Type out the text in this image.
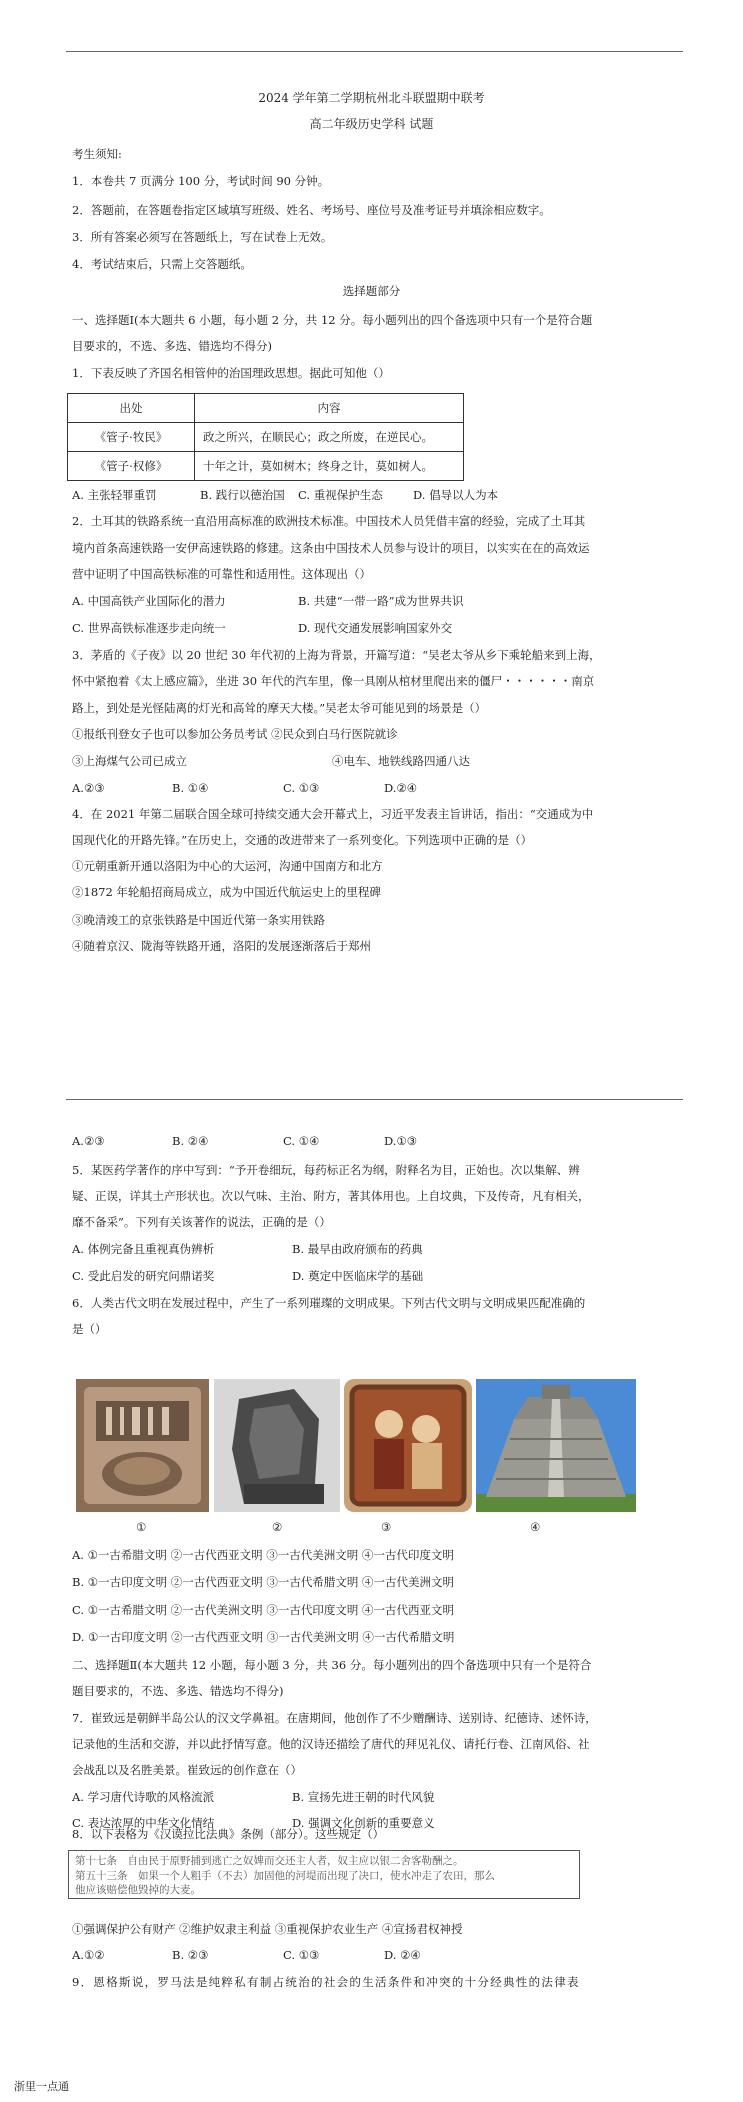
2024 学年第二学期杭州北斗联盟期中联考
高二年级历史学科 试题
考生须知:
1．本卷共 7 页满分 100 分，考试时间 90 分钟。
2．答题前，在答题卷指定区域填写班级、姓名、考场号、座位号及准考证号并填涂相应数字。
3．所有答案必须写在答题纸上，写在试卷上无效。
4．考试结束后，只需上交答题纸。
选择题部分
一、选择题Ⅰ(本大题共 6 小题，每小题 2 分，共 12 分。每小题列出的四个备选项中只有一个是符合题
目要求的，不选、多选、错选均不得分)
1．下表反映了齐国名相管仲的治国理政思想。据此可知他（）
出处	内容
《管子·牧民》	政之所兴，在顺民心；政之所废，在逆民心。
《管子·权修》	十年之计，莫如树木；终身之计，莫如树人。
A. 主张轻罪重罚	B. 践行以德治国 C. 重视保护生态	D. 倡导以人为本
2．土耳其的铁路系统一直沿用高标准的欧洲技术标准。中国技术人员凭借丰富的经验，完成了土耳其
境内首条高速铁路一安伊高速铁路的修建。这条由中国技术人员参与设计的项目，以实实在在的高效运
营中证明了中国高铁标准的可靠性和适用性。这体现出（）
A. 中国高铁产业国际化的潜力	B. 共建“一带一路”成为世界共识
C. 世界高铁标准逐步走向统一	D. 现代交通发展影响国家外交
3．茅盾的《子夜》以 20 世纪 30 年代初的上海为背景，开篇写道：“吴老太爷从乡下乘轮船来到上海，
怀中紧抱着《太上感应篇》，坐进 30 年代的汽车里，像一具刚从棺材里爬出来的僵尸・・・・・・南京
路上，到处是光怪陆离的灯光和高耸的摩天大楼。”吴老太爷可能见到的场景是（）
①报纸刊登女子也可以参加公务员考试 ②民众到白马行医院就诊
③上海煤气公司已成立	④电车、地铁线路四通八达
A.②③	B. ①④	C. ①③	D.②④
4．在 2021 年第二届联合国全球可持续交通大会开幕式上，习近平发表主旨讲话，指出：“交通成为中
国现代化的开路先锋。”在历史上，交通的改进带来了一系列变化。下列选项中正确的是（）
①元朝重新开通以洛阳为中心的大运河，沟通中国南方和北方
②1872 年轮船招商局成立，成为中国近代航运史上的里程碑
③晚清竣工的京张铁路是中国近代第一条实用铁路
④随着京汉、陇海等铁路开通，洛阳的发展逐渐落后于郑州
A.②③	B. ②④	C. ①④	D.①③
5．某医药学著作的序中写到：“予开卷细玩，每药标正名为纲，附释名为目，正始也。次以集解、辨
疑、正误，详其土产形状也。次以气味、主治、附方，著其体用也。上自坟典，下及传奇，凡有相关，
靡不备采”。下列有关该著作的说法，正确的是（）
A. 体例完备且重视真伪辨析	B. 最早由政府颁布的药典
C. 受此启发的研究问鼎诺奖	D. 奠定中医临床学的基础
6．人类古代文明在发展过程中，产生了一系列璀璨的文明成果。下列古代文明与文明成果匹配准确的
是（）
①	②	③	④
A. ①一古希腊文明 ②一古代西亚文明 ③一古代美洲文明 ④一古代印度文明
B. ①一古印度文明 ②一古代西亚文明 ③一古代希腊文明 ④一古代美洲文明
C. ①一古希腊文明 ②一古代美洲文明 ③一古代印度文明 ④一古代西亚文明
D. ①一古印度文明 ②一古代西亚文明 ③一古代美洲文明 ④一古代希腊文明
二、选择题Ⅱ(本大题共 12 小题，每小题 3 分，共 36 分。每小题列出的四个备选项中只有一个是符合
题目要求的，不选、多选、错选均不得分)
7．崔致远是朝鲜半岛公认的汉文学鼻祖。在唐期间，他创作了不少赠酬诗、送别诗、纪德诗、述怀诗，
记录他的生活和交游，并以此抒情写意。他的汉诗还描绘了唐代的拜见礼仪、请托行卷、江南风俗、社
会战乱以及名胜美景。崔致远的创作意在（）
A. 学习唐代诗歌的风格流派	B. 宣扬先进王朝的时代风貌
C. 表达浓厚的中华文化情结	D. 强调文化创新的重要意义
8．以下表格为《汉谟拉比法典》条例（部分）。这些规定（）
第十七条　自由民于原野捕到逃亡之奴婢而交还主人者，奴主应以银二舍客勒酬之。
第五十三条　如果一个人粗手（不去）加固他的河堤而出现了决口，使水冲走了农田，那么
他应该赔偿他毁掉的大麦。
①强调保护公有财产 ②维护奴隶主利益 ③重视保护农业生产 ④宣扬君权神授
A.①②	B. ②③	C. ①③	D. ②④
9．恩格斯说，罗马法是纯粹私有制占统治的社会的生活条件和冲突的十分经典性的法律表
浙里一点通
